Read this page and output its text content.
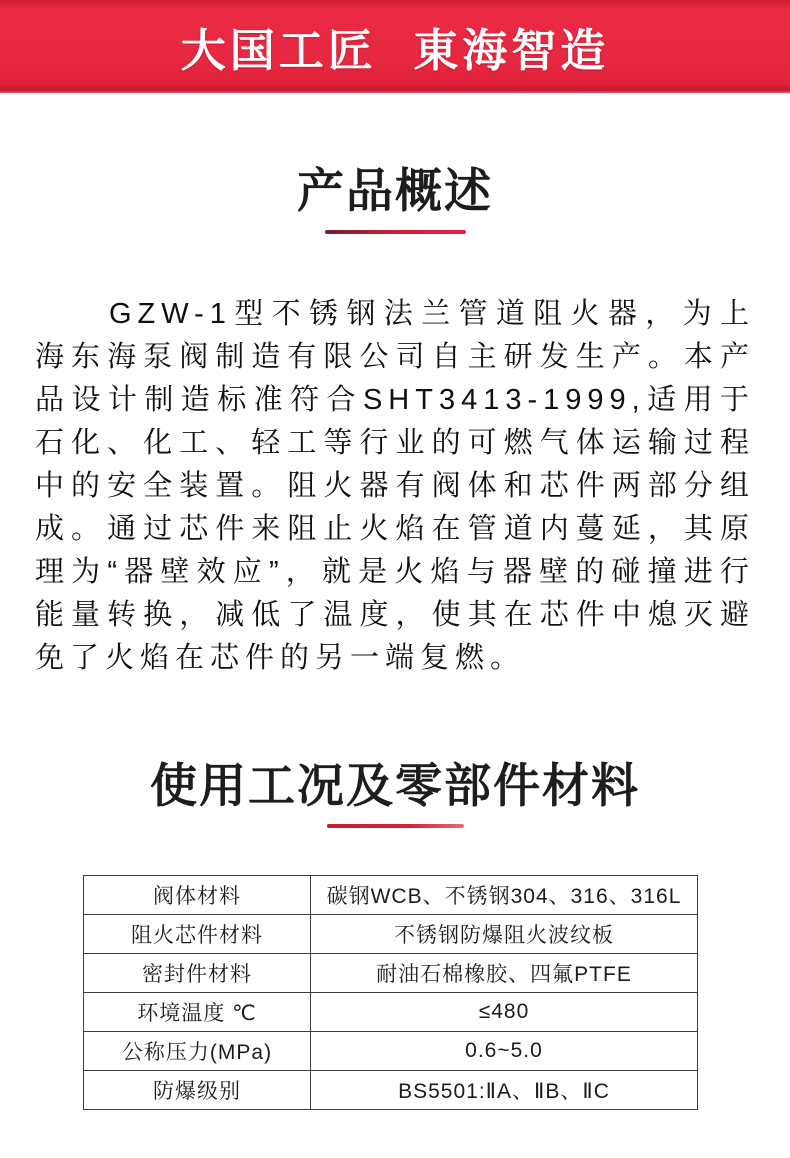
大国工匠 東海智造
产品概述

GZW-1型不锈钢法兰管道阻火器，为上海东海泵阀制造有限公司自主研发生产。本产品设计制造标准符合SHT3413-1999,适用于石化、化工、轻工等行业的可燃气体运输过程中的安全装置。阻火器有阀体和芯件两部分组成。通过芯件来阻止火焰在管道内蔓延，其原理为“器壁效应”，就是火焰与器壁的碰撞进行能量转换，减低了温度，使其在芯件中熄灭避免了火焰在芯件的另一端复燃。

使用工况及零部件材料
阀体材料	碳钢WCB、不锈钢304、316、316L
阻火芯件材料	不锈钢防爆阻火波纹板
密封件材料	耐油石棉橡胶、四氟PTFE
环境温度 ℃	≤480
公称压力(MPa)	0.6~5.0
防爆级别	BS5501:ⅡA、ⅡB、ⅡC
